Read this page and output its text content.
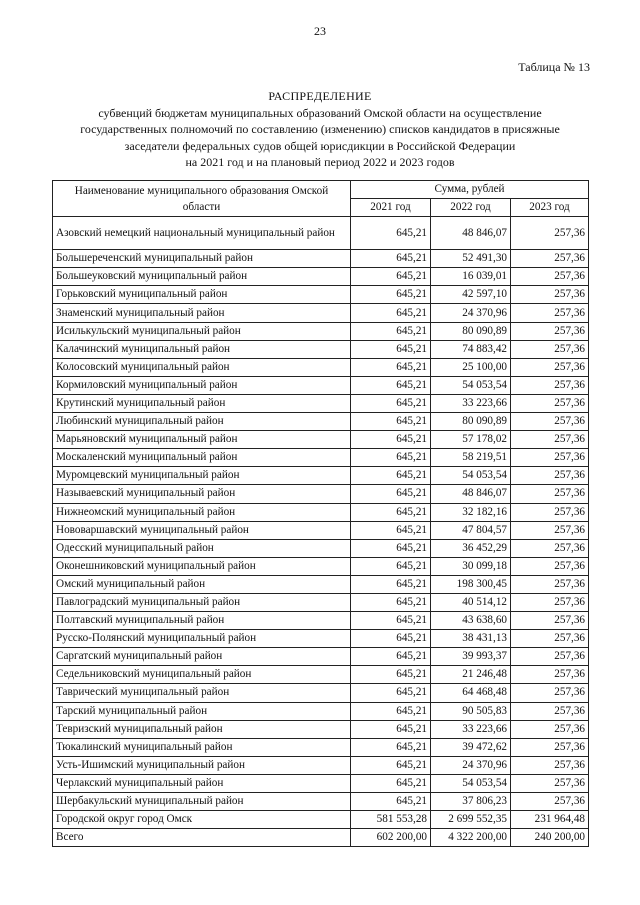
23
Таблица № 13
РАСПРЕДЕЛЕНИЕ
субвенций бюджетам муниципальных образований Омской области на осуществление
государственных полномочий по составлению (изменению) списков кандидатов в присяжные
заседатели федеральных судов общей юрисдикции в Российской Федерации
на 2021 год и на плановый период 2022 и 2023 годов
Наименование муниципального образования Омской области	Сумма, рублей		
	2021 год	2022 год	2023 год
Азовский немецкий национальный муниципальный район	645,21	48 846,07	257,36
Большереченский муниципальный район	645,21	52 491,30	257,36
Большеуковский муниципальный район	645,21	16 039,01	257,36
Горьковский муниципальный район	645,21	42 597,10	257,36
Знаменский муниципальный район	645,21	24 370,96	257,36
Исилькульский муниципальный район	645,21	80 090,89	257,36
Калачинский муниципальный район	645,21	74 883,42	257,36
Колосовский муниципальный район	645,21	25 100,00	257,36
Кормиловский муниципальный район	645,21	54 053,54	257,36
Крутинский муниципальный район	645,21	33 223,66	257,36
Любинский муниципальный район	645,21	80 090,89	257,36
Марьяновский муниципальный район	645,21	57 178,02	257,36
Москаленский муниципальный район	645,21	58 219,51	257,36
Муромцевский муниципальный район	645,21	54 053,54	257,36
Называевский муниципальный район	645,21	48 846,07	257,36
Нижнеомский муниципальный район	645,21	32 182,16	257,36
Нововаршавский муниципальный район	645,21	47 804,57	257,36
Одесский муниципальный район	645,21	36 452,29	257,36
Оконешниковский муниципальный район	645,21	30 099,18	257,36
Омский муниципальный район	645,21	198 300,45	257,36
Павлоградский муниципальный район	645,21	40 514,12	257,36
Полтавский муниципальный район	645,21	43 638,60	257,36
Русско-Полянский муниципальный район	645,21	38 431,13	257,36
Саргатский муниципальный район	645,21	39 993,37	257,36
Седельниковский муниципальный район	645,21	21 246,48	257,36
Таврический муниципальный район	645,21	64 468,48	257,36
Тарский муниципальный район	645,21	90 505,83	257,36
Тевризский муниципальный район	645,21	33 223,66	257,36
Тюкалинский муниципальный район	645,21	39 472,62	257,36
Усть-Ишимский муниципальный район	645,21	24 370,96	257,36
Черлакский муниципальный район	645,21	54 053,54	257,36
Шербакульский муниципальный район	645,21	37 806,23	257,36
Городской округ город Омск	581 553,28	2 699 552,35	231 964,48
Всего	602 200,00	4 322 200,00	240 200,00
